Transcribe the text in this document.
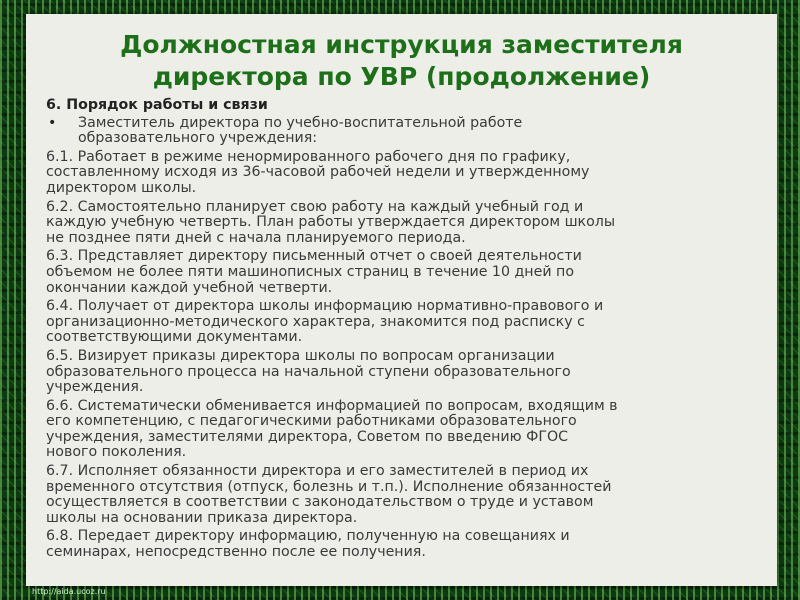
Должностная инструкция заместителя
директора по УВР (продолжение)
6. Порядок работы и связи
• Заместитель директора по учебно-воспитательной работе
образовательного учреждения:
6.1. Работает в режиме ненормированного рабочего дня по графику,
составленному исходя из 36-часовой рабочей недели и утвержденному
директором школы.
6.2. Самостоятельно планирует свою работу на каждый учебный год и
каждую учебную четверть. План работы утверждается директором школы
не позднее пяти дней с начала планируемого периода.
6.3. Представляет директору письменный отчет о своей деятельности
объемом не более пяти машинописных страниц в течение 10 дней по
окончании каждой учебной четверти.
6.4. Получает от директора школы информацию нормативно-правового и
организационно-методического характера, знакомится под расписку с
соответствующими документами.
6.5. Визирует приказы директора школы по вопросам организации
образовательного процесса на начальной ступени образовательного
учреждения.
6.6. Систематически обменивается информацией по вопросам, входящим в
его компетенцию, с педагогическими работниками образовательного
учреждения, заместителями директора, Советом по введению ФГОС
нового поколения.
6.7. Исполняет обязанности директора и его заместителей в период их
временного отсутствия (отпуск, болезнь и т.п.). Исполнение обязанностей
осуществляется в соответствии с законодательством о труде и уставом
школы на основании приказа директора.
6.8. Передает директору информацию, полученную на совещаниях и
семинарах, непосредственно после ее получения.
http://aida.ucoz.ru
